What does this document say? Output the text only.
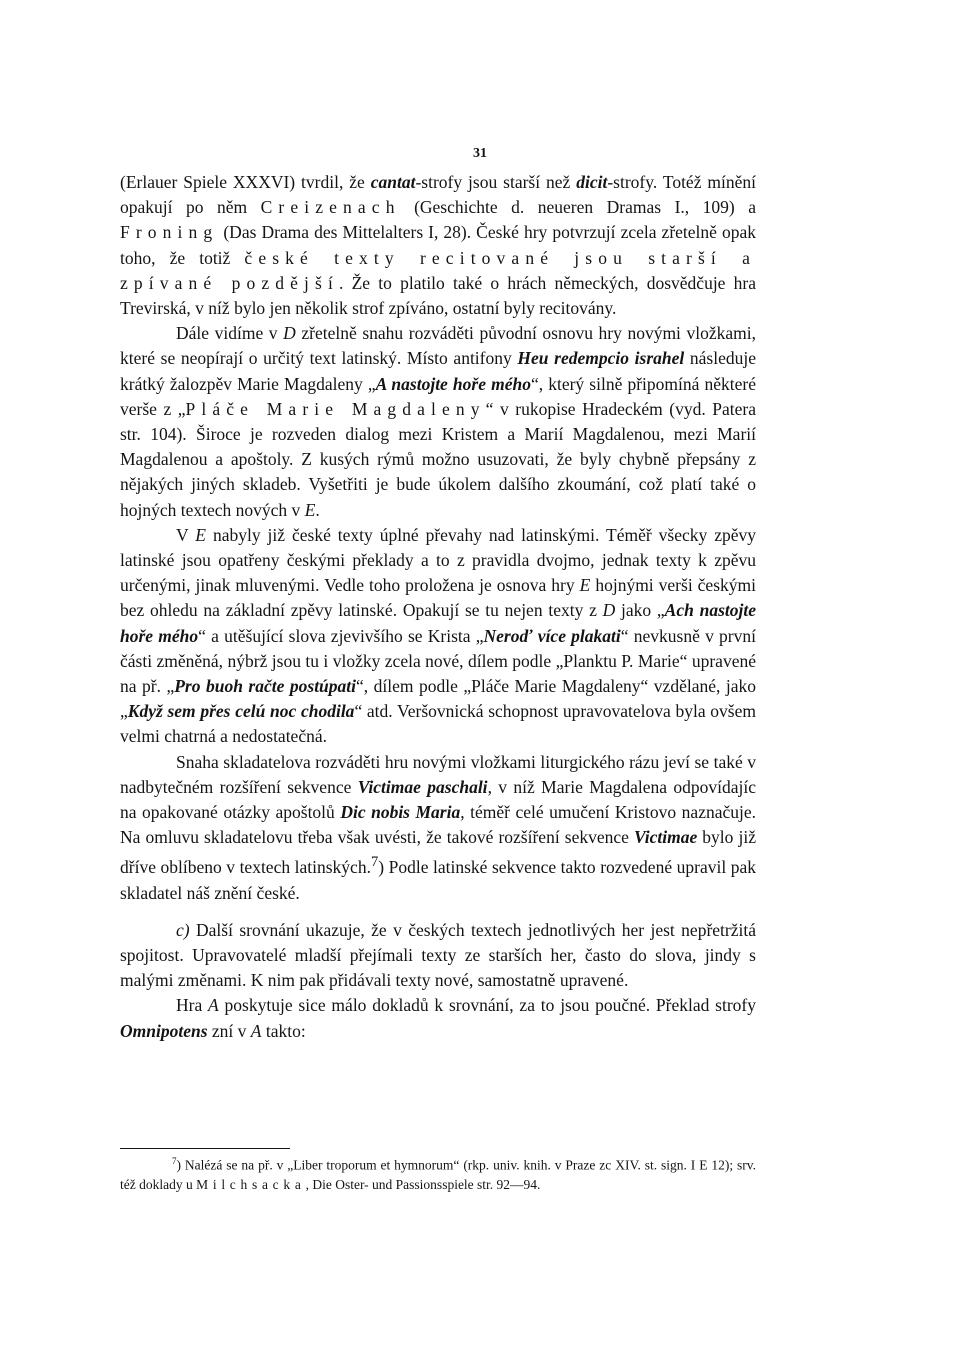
31

(Erlauer Spiele XXXVI) tvrdil, že cantat-strofy jsou starší než dicit-strofy. Totéž mínění opakují po něm Creizenach (Geschichte d. neueren Dramas I., 109) a Froning (Das Drama des Mittelalters I, 28). České hry potvrzují zcela zřetelně opak toho, že totiž české texty recitované jsou starší a zpívané pozdější. Že to platilo také o hrách německých, dosvědčuje hra Trevirská, v níž bylo jen několik strof zpíváno, ostatní byly recitovány.

Dále vidíme v D zřetelně snahu rozváděti původní osnovu hry novými vložkami, které se neopírají o určitý text latinský. Místo antifony Heu redempcio israhel následuje krátký žalozpěv Marie Magdaleny „A nastojte hoře mého“, který silně připomíná některé verše z „Pláče Marie Magdaleny“ v rukopise Hradeckém (vyd. Patera str. 104). Široce je rozveden dialog mezi Kristem a Marií Magdalenou, mezi Marií Magdalenou a apoštoly. Z kusých rýmů možno usuzovati, že byly chybně přepsány z nějakých jiných skladeb. Vyšetřiti je bude úkolem dalšího zkoumání, což platí také o hojných textech nových v E.

V E nabyly již české texty úplné převahy nad latinskými. Téměř všecky zpěvy latinské jsou opatřeny českými překlady a to z pravidla dvojmo, jednak texty k zpěvu určenými, jinak mluvenými. Vedle toho proložena je osnova hry E hojnými verši českými bez ohledu na základní zpěvy latinské. Opakují se tu nejen texty z D jako „Ach nastojte hoře mého“ a utěšující slova zjevivšího se Krista „Neroď více plakati“ nevkusně v první části změněná, nýbrž jsou tu i vložky zcela nové, dílem podle „Planktu P. Marie“ upravené na př. „Pro buoh račte postúpati“, dílem podle „Pláče Marie Magdaleny“ vzdělané, jako „Když sem přes celú noc chodila“ atd. Veršovnická schopnost upravovatelova byla ovšem velmi chatrná a nedostatečná.

Snaha skladatelova rozváděti hru novými vložkami liturgického rázu jeví se také v nadbytečném rozšíření sekvence Victimae paschali, v níž Marie Magdalena odpovídajíc na opakované otázky apoštolů Dic nobis Maria, téměř celé umučení Kristovo naznačuje. Na omluvu skladatelovu třeba však uvésti, že takové rozšíření sekvence Victimae bylo již dříve oblíbeno v textech latinských.$^7$) Podle latinské sekvence takto rozvedené upravil pak skladatel náš znění české.

c) Další srovnání ukazuje, že v českých textech jednotlivých her jest nepřetržitá spojitost. Upravovatelé mladší přejímali texty ze starších her, často do slova, jindy s malými změnami. K nim pak přidávali texty nové, samostatně upravené.

Hra A poskytuje sice málo dokladů k srovnání, za to jsou poučné. Překlad strofy Omnipotens zní v A takto:

$^7$) Nalézá se na př. v „Liber troporum et hymnorum“ (rkp. univ. knih. v Praze zc XIV. st. sign. I E 12); srv. též doklady u Milchsacka, Die Oster- und Passionsspiele str. 92—94.
